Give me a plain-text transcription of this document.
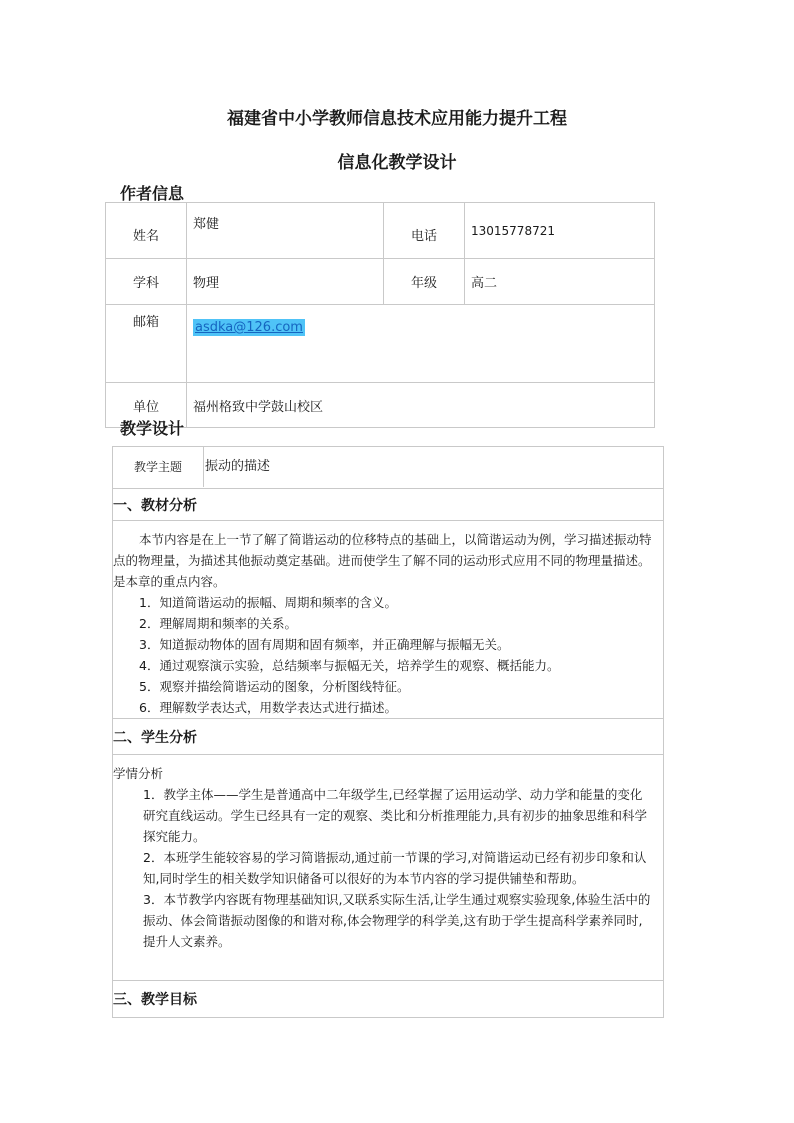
福建省中小学教师信息技术应用能力提升工程
信息化教学设计
作者信息
姓名	郑健	电话	13015778721
学科	物理	年级	高二
邮箱	asdka@126.com		
单位	福州格致中学鼓山校区		
教学设计
教学主题	振动的描述
一、教材分析

本节内容是在上一节了解了简谐运动的位移特点的基础上，以简谐运动为例，学习描述振动特点的物理量，为描述其他振动奠定基础。进而使学生了解不同的运动形式应用不同的物理量描述。是本章的重点内容。

1．知道简谐运动的振幅、周期和频率的含义。

2．理解周期和频率的关系。

3．知道振动物体的固有周期和固有频率，并正确理解与振幅无关。

4．通过观察演示实验，总结频率与振幅无关，培养学生的观察、概括能力。

5．观察并描绘简谐运动的图象，分析图线特征。

6．理解数学表达式，用数学表达式进行描述。

二、学生分析

学情分析

1．教学主体——学生是普通高中二年级学生,已经掌握了运用运动学、动力学和能量的变化研究直线运动。学生已经具有一定的观察、类比和分析推理能力,具有初步的抽象思维和科学探究能力。

2．本班学生能较容易的学习简谐振动,通过前一节课的学习,对简谐运动已经有初步印象和认知,同时学生的相关数学知识储备可以很好的为本节内容的学习提供铺垫和帮助。

3．本节教学内容既有物理基础知识,又联系实际生活,让学生通过观察实验现象,体验生活中的振动、体会简谐振动图像的和谐对称,体会物理学的科学美,这有助于学生提高科学素养同时,提升人文素养。

三、教学目标
